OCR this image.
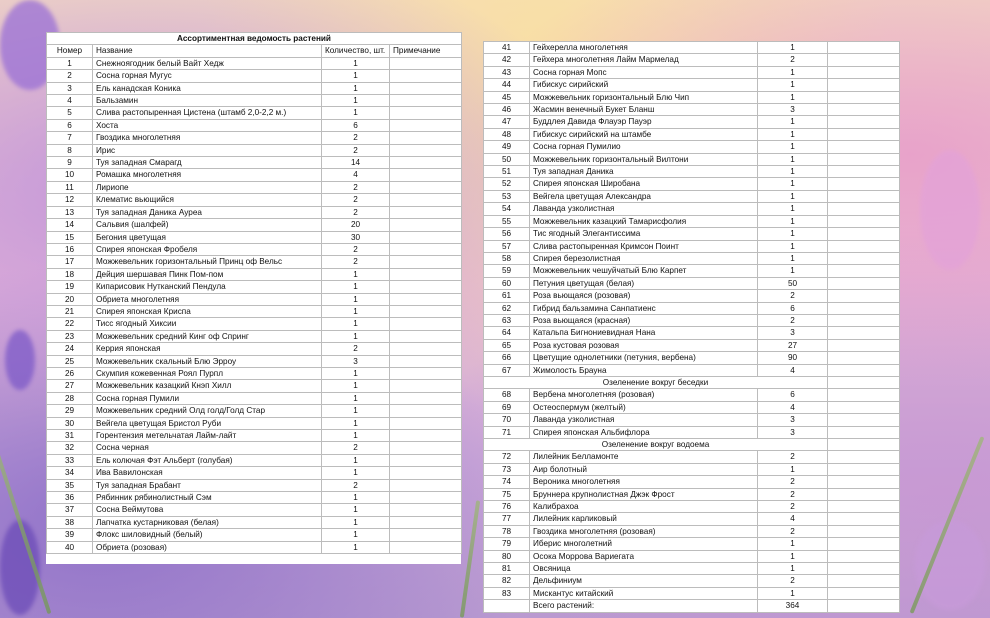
Ассортиментная ведомость растений			
Номер	Название	Количество, шт.	Примечание
1	Снежноягодник белый Вайт Хедж	1	
2	Сосна горная Мугус	1	
3	Ель канадская Коника	1	
4	Бальзамин	1	
5	Слива растопыренная Цистена (штамб 2,0-2,2 м.)	1	
6	Хоста	6	
7	Гвоздика многолетняя	2	
8	Ирис	2	
9	Туя западная Смарагд	14	
10	Ромашка многолетняя	4	
11	Лириопе	2	
12	Клематис вьющийся	2	
13	Туя западная Даника Ауреа	2	
14	Сальвия (шалфей)	20	
15	Бегония цветущая	30	
16	Спирея японская Фробеля	2	
17	Можжевельник горизонтальный Принц оф Вельс	2	
18	Дейция шершавая Пинк Пом-пом	1	
19	Кипарисовик Нутканский Пендула	1	
20	Обриета многолетняя	1	
21	Спирея японская Криспа	1	
22	Тисс ягодный Хиксии	1	
23	Можжевельник средний Кинг оф Спринг	1	
24	Керрия японская	2	
25	Можжевельник скальный Блю Эрроу	3	
26	Скумпия кожевенная Роял Пурпл	1	
27	Можжевельник казацкий Кнэп Хилл	1	
28	Сосна горная Пумили	1	
29	Можжевельник средний Олд голд/Голд Стар	1	
30	Вейгела цветущая Бристол Руби	1	
31	Горентензия метельчатая Лайм-лайт	1	
32	Сосна черная	2	
33	Ель колючая Фэт Альберт (голубая)	1	
34	Ива Вавилонская	1	
35	Туя западная Брабант	2	
36	Рябинник рябинолистный Сэм	1	
37	Сосна Веймутова	1	
38	Лапчатка кустарниковая (белая)	1	
39	Флокс шиловидный (белый)	1	
40	Обриета (розовая)	1	
41	Гейхерелла многолетняя	1	
42	Гейхера многолетняя Лайм Мармелад	2	
43	Сосна горная Мопс	1	
44	Гибискус сирийский	1	
45	Можжевельник горизонтальный Блю Чип	1	
46	Жасмин венечный Букет Бланш	3	
47	Буддлея Давида Флауэр Пауэр	1	
48	Гибискус сирийский на штамбе	1	
49	Сосна горная Пумилио	1	
50	Можжевельник горизонтальный Вилтони	1	
51	Туя западная Даника	1	
52	Спирея японская Широбана	1	
53	Вейгела цветущая Александра	1	
54	Лаванда узколистная	1	
55	Можжевельник казацкий Тамарисфолия	1	
56	Тис ягодный Элегантиссима	1	
57	Слива растопыренная Кримсон Поинт	1	
58	Спирея березолистная	1	
59	Можжевельник чешуйчатый Блю Карпет	1	
60	Петуния цветущая (белая)	50	
61	Роза вьющаяся (розовая)	2	
62	Гибрид бальзамина Санпатиенс	6	
63	Роза вьющаяся (красная)	2	
64	Катальпа Бигнониевидная Нана	3	
65	Роза кустовая розовая	27	
66	Цветущие однолетники (петуния, вербена)	90	
67	Жимолость Брауна	4	
Озеленение вокруг беседки			
68	Вербена многолетняя (розовая)	6	
69	Остеоспермум (желтый)	4	
70	Лаванда узколистная	3	
71	Спирея японская Альбифлора	3	
Озеленение вокруг водоема			
72	Лилейник Белламонте	2	
73	Аир болотный	1	
74	Вероника многолетняя	2	
75	Бруннера крупнолистная Джэк Фрост	2	
76	Калибрахоа	2	
77	Лилейник карликовый	4	
78	Гвоздика многолетняя (розовая)	2	
79	Иберис многолетний	1	
80	Осока Моррова Вариегата	1	
81	Овсяница	1	
82	Дельфиниум	2	
83	Мискантус китайский	1	
	Всего растений:	364	
